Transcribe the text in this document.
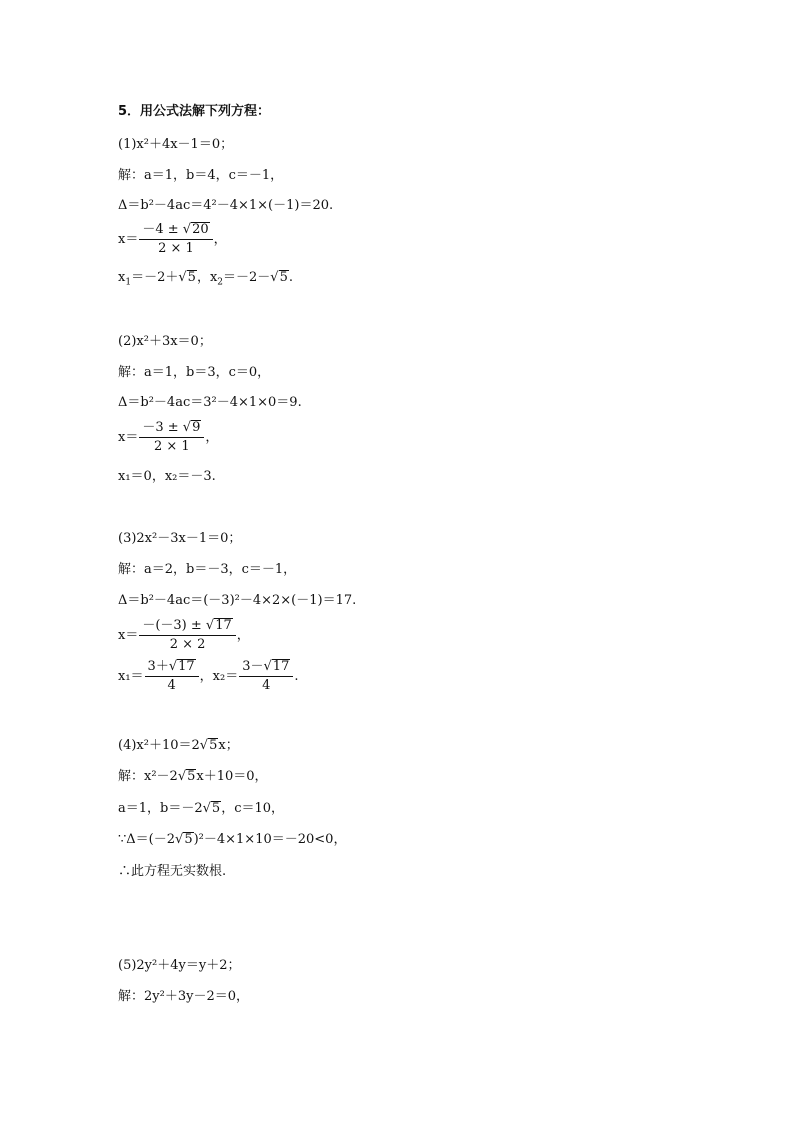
5．用公式法解下列方程：
(1)x²＋4x－1＝0；
解：a＝1，b＝4，c＝－1，
Δ＝b²－4ac＝4²－4×1×(－1)＝20.
$x= \frac{-4 \pm √20}{2 \times 1}$ ，
$x_1=-2+√5$，$x_2=-2-√5$.
(2)x²＋3x＝0；
解：a＝1，b＝3，c＝0，
Δ＝b²－4ac＝3²－4×1×0＝9.
$x= \frac{-3 \pm √9}{2 \times 1}$ ，
x₁＝0，x₂＝－3.
(3)2x²－3x－1＝0；
解：a＝2，b＝－3，c＝－1，
Δ＝b²－4ac＝(－3)²－4×2×(－1)＝17.
$x= \frac{-(-3) \pm √17}{2 \times 2}$ ，
$x_1= \frac{3+√17}{4}$ ，$x_2= \frac{3-√17}{4}$ .
(4)x²＋10＝2√5x；
解：x²－2√5x＋10＝0，
a＝1，b＝－2√5，c＝10，
∵Δ＝(－2√5)²－4×1×10＝－20<0，
∴此方程无实数根.
(5)2y²＋4y＝y＋2；
解：2y²＋3y－2＝0，
